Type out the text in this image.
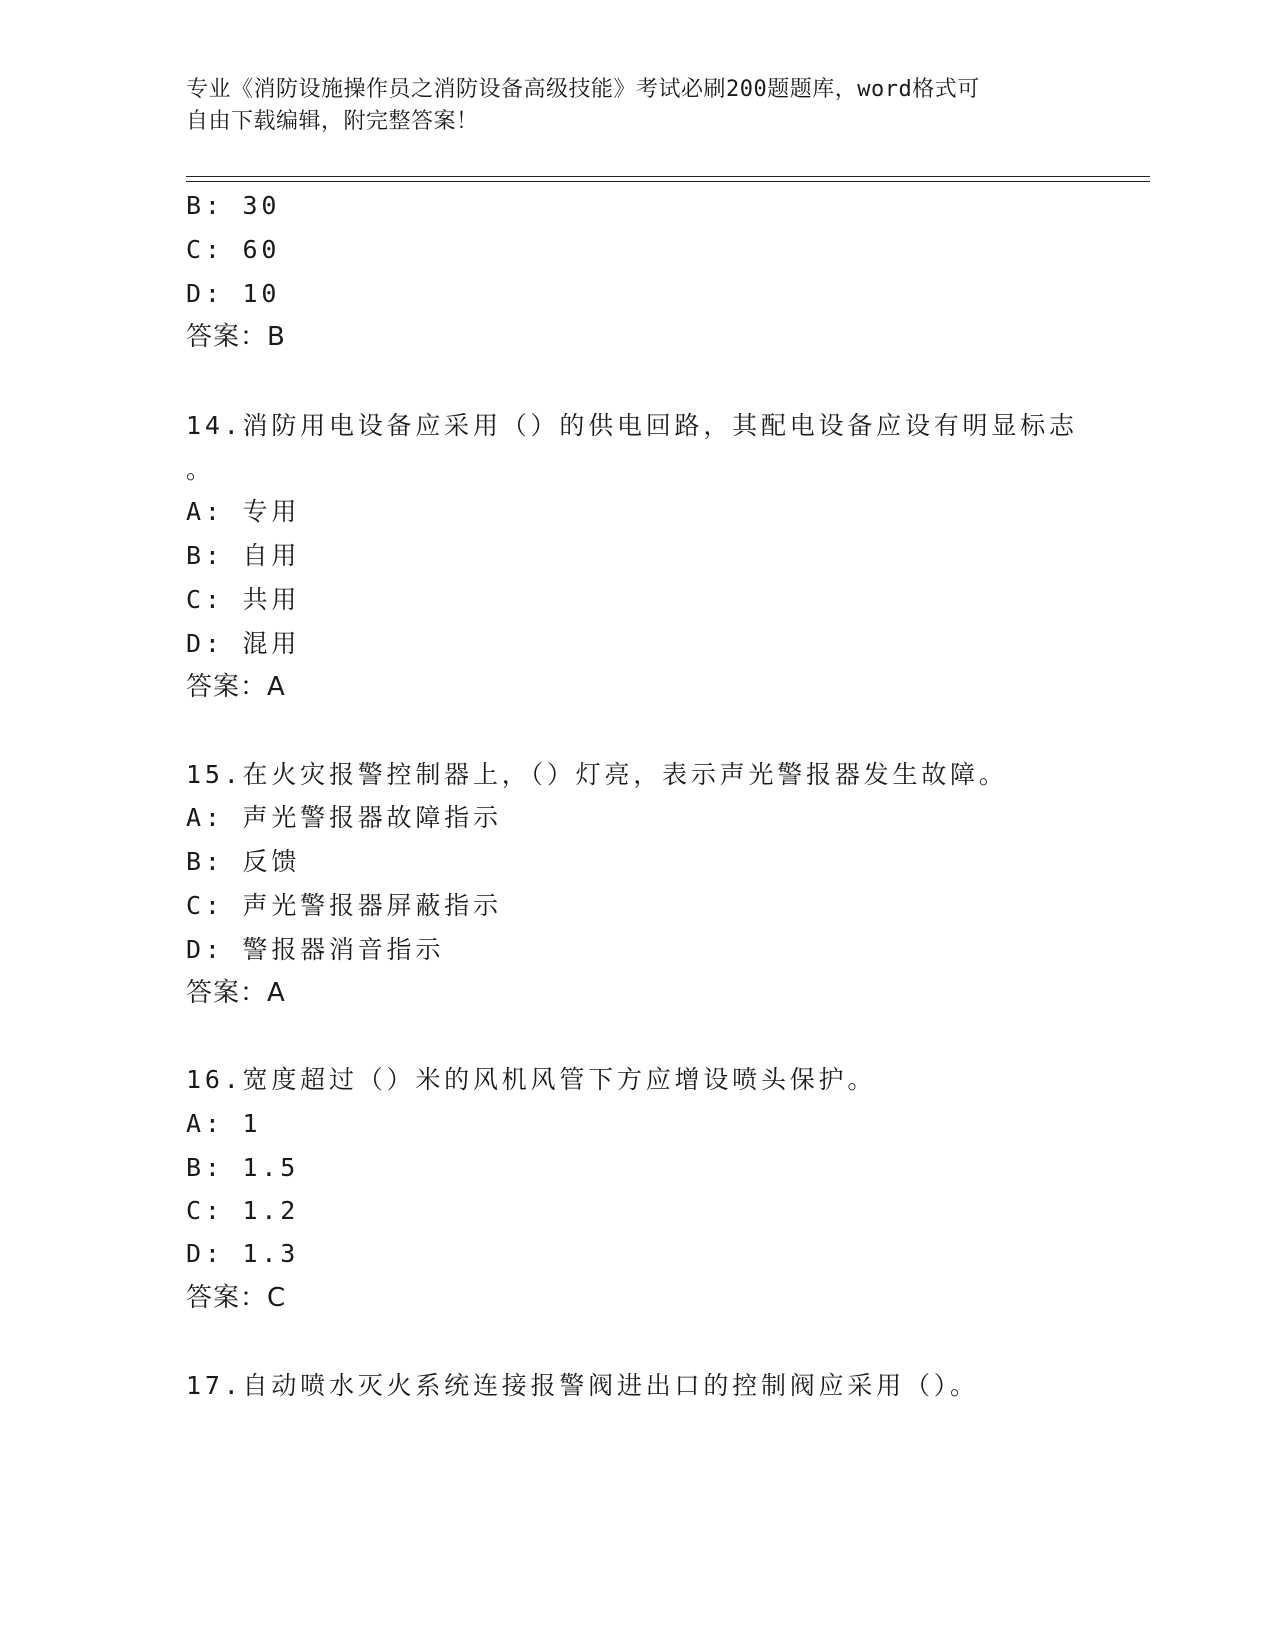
专业《消防设施操作员之消防设备高级技能》考试必刷200题题库，word格式可
自由下载编辑，附完整答案！
B: 30
C: 60
D: 10
答案：B
14.消防用电设备应采用（）的供电回路，其配电设备应设有明显标志
。
A: 专用
B: 自用
C: 共用
D: 混用
答案：A
15.在火灾报警控制器上，（）灯亮，表示声光警报器发生故障。
A: 声光警报器故障指示
B: 反馈
C: 声光警报器屏蔽指示
D: 警报器消音指示
答案：A
16.宽度超过（）米的风机风管下方应增设喷头保护。
A: 1
B: 1.5
C: 1.2
D: 1.3
答案：C
17.自动喷水灭火系统连接报警阀进出口的控制阀应采用（）。
